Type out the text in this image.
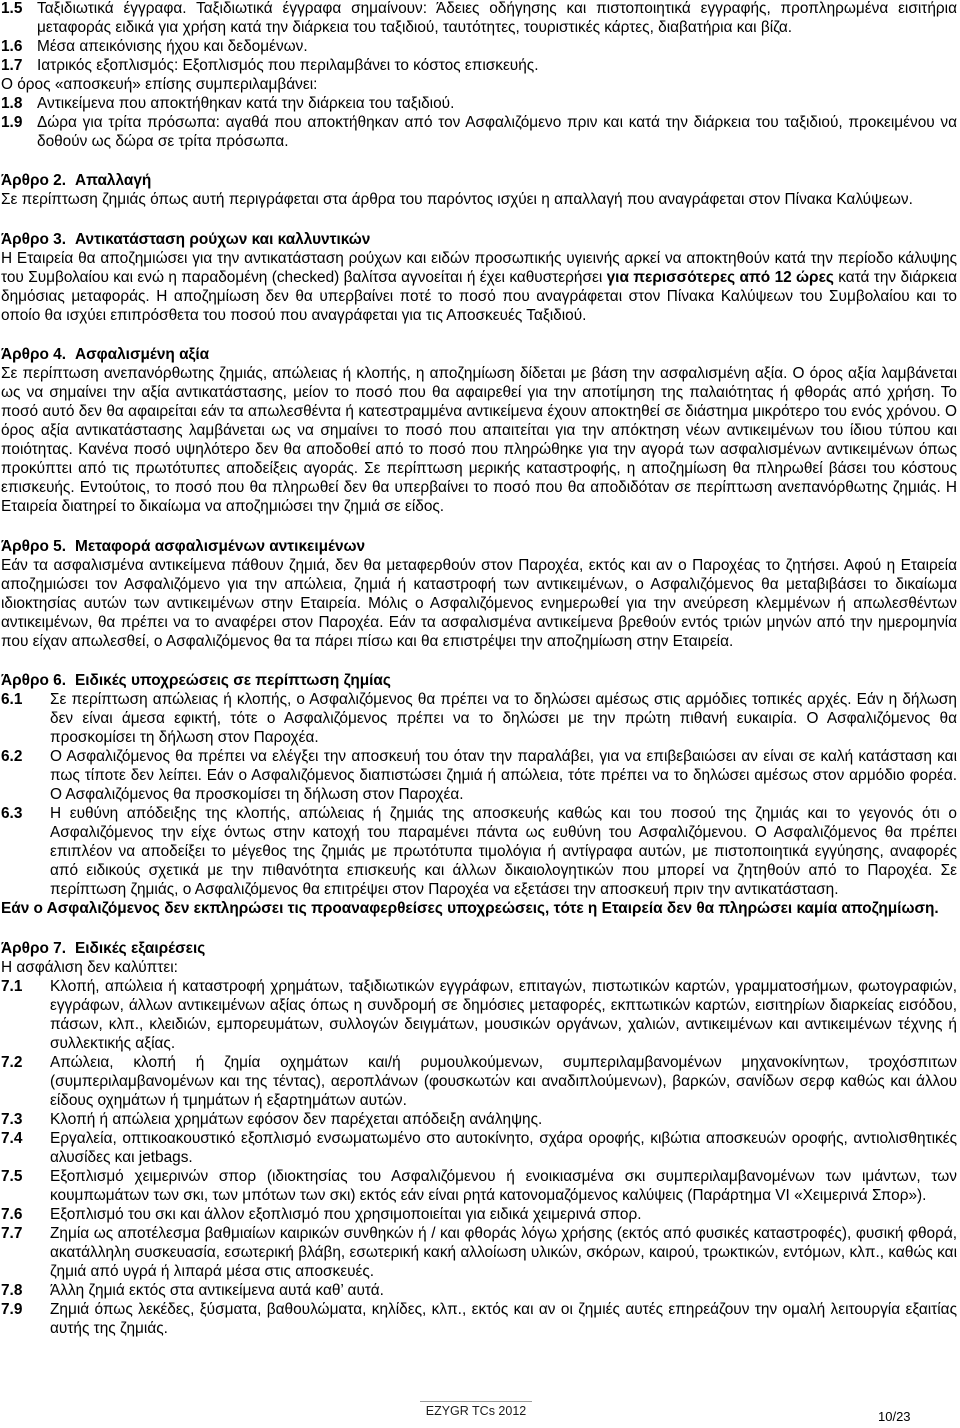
1.5 Ταξιδιωτικά έγγραφα. Ταξιδιωτικά έγγραφα σημαίνουν: Άδειες οδήγησης και πιστοποιητικά εγγραφής, προπληρωμένα εισιτήρια μεταφοράς ειδικά για χρήση κατά την διάρκεια του ταξιδιού, ταυτότητες, τουριστικές κάρτες, διαβατήρια και βίζα.
1.6 Μέσα απεικόνισης ήχου και δεδομένων.
1.7 Ιατρικός εξοπλισμός: Εξοπλισμός που περιλαμβάνει το κόστος επισκευής.
Ο όρος «αποσκευή» επίσης συμπεριλαμβάνει:
1.8 Αντικείμενα που αποκτήθηκαν κατά την διάρκεια του ταξιδιού.
1.9 Δώρα για τρίτα πρόσωπα: αγαθά που αποκτήθηκαν από τον Ασφαλιζόμενο πριν και κατά την διάρκεια του ταξιδιού, προκειμένου να δοθούν ως δώρα σε τρίτα πρόσωπα.
Άρθρο 2. Απαλλαγή
Σε περίπτωση ζημιάς όπως αυτή περιγράφεται στα άρθρα του παρόντος ισχύει η απαλλαγή που αναγράφεται στον Πίνακα Καλύψεων.
Άρθρο 3. Αντικατάσταση ρούχων και καλλυντικών
Η Εταιρεία θα αποζημιώσει για την αντικατάσταση ρούχων και ειδών προσωπικής υγιεινής αρκεί να αποκτηθούν κατά την περίοδο κάλυψης του Συμβολαίου και ενώ η παραδομένη (checked) βαλίτσα αγνοείται ή έχει καθυστερήσει για περισσότερες από 12 ώρες κατά την διάρκεια δημόσιας μεταφοράς. Η αποζημίωση δεν θα υπερβαίνει ποτέ το ποσό που αναγράφεται στον Πίνακα Καλύψεων του Συμβολαίου και το οποίο θα ισχύει επιπρόσθετα του ποσού που αναγράφεται για τις Αποσκευές Ταξιδιού.
Άρθρο 4. Ασφαλισμένη αξία
Σε περίπτωση ανεπανόρθωτης ζημιάς, απώλειας ή κλοπής, η αποζημίωση δίδεται με βάση την ασφαλισμένη αξία. Ο όρος αξία λαμβάνεται ως να σημαίνει την αξία αντικατάστασης, μείον το ποσό που θα αφαιρεθεί για την αποτίμηση της παλαιότητας ή φθοράς από χρήση. Το ποσό αυτό δεν θα αφαιρείται εάν τα απωλεσθέντα ή κατεστραμμένα αντικείμενα έχουν αποκτηθεί σε διάστημα μικρότερο του ενός χρόνου. Ο όρος αξία αντικατάστασης λαμβάνεται ως να σημαίνει το ποσό που απαιτείται για την απόκτηση νέων αντικειμένων του ίδιου τύπου και ποιότητας. Κανένα ποσό υψηλότερο δεν θα αποδοθεί από το ποσό που πληρώθηκε για την αγορά των ασφαλισμένων αντικειμένων όπως προκύπτει από τις πρωτότυπες αποδείξεις αγοράς. Σε περίπτωση μερικής καταστροφής, η αποζημίωση θα πληρωθεί βάσει του κόστους επισκευής. Εντούτοις, το ποσό που θα πληρωθεί δεν θα υπερβαίνει το ποσό που θα αποδιδόταν σε περίπτωση ανεπανόρθωτης ζημιάς. Η Εταιρεία διατηρεί το δικαίωμα να αποζημιώσει την ζημιά σε είδος.
Άρθρο 5. Μεταφορά ασφαλισμένων αντικειμένων
Εάν τα ασφαλισμένα αντικείμενα πάθουν ζημιά, δεν θα μεταφερθούν στον Παροχέα, εκτός και αν ο Παροχέας το ζητήσει. Αφού η Εταιρεία αποζημιώσει τον Ασφαλιζόμενο για την απώλεια, ζημιά ή καταστροφή των αντικειμένων, ο Ασφαλιζόμενος θα μεταβιβάσει το δικαίωμα ιδιοκτησίας αυτών των αντικειμένων στην Εταιρεία. Μόλις ο Ασφαλιζόμενος ενημερωθεί για την ανεύρεση κλεμμένων ή απωλεσθέντων αντικειμένων, θα πρέπει να το αναφέρει στον Παροχέα. Εάν τα ασφαλισμένα αντικείμενα βρεθούν εντός τριών μηνών από την ημερομηνία που είχαν απωλεσθεί, ο Ασφαλιζόμενος θα τα πάρει πίσω και θα επιστρέψει την αποζημίωση στην Εταιρεία.
Άρθρο 6. Ειδικές υποχρεώσεις σε περίπτωση ζημίας
6.1 Σε περίπτωση απώλειας ή κλοπής, ο Ασφαλιζόμενος θα πρέπει να το δηλώσει αμέσως στις αρμόδιες τοπικές αρχές. Εάν η δήλωση δεν είναι άμεσα εφικτή, τότε ο Ασφαλιζόμενος πρέπει να το δηλώσει με την πρώτη πιθανή ευκαιρία. Ο Ασφαλιζόμενος θα προσκομίσει τη δήλωση στον Παροχέα.
6.2 Ο Ασφαλιζόμενος θα πρέπει να ελέγξει την αποσκευή του όταν την παραλάβει, για να επιβεβαιώσει αν είναι σε καλή κατάσταση και πως τίποτε δεν λείπει. Εάν ο Ασφαλιζόμενος διαπιστώσει ζημιά ή απώλεια, τότε πρέπει να το δηλώσει αμέσως στον αρμόδιο φορέα. Ο Ασφαλιζόμενος θα προσκομίσει τη δήλωση στον Παροχέα.
6.3 Η ευθύνη απόδειξης της κλοπής, απώλειας ή ζημιάς της αποσκευής καθώς και του ποσού της ζημιάς και το γεγονός ότι ο Ασφαλιζόμενος την είχε όντως στην κατοχή του παραμένει πάντα ως ευθύνη του Ασφαλιζόμενου. Ο Ασφαλιζόμενος θα πρέπει επιπλέον να αποδείξει το μέγεθος της ζημιάς με πρωτότυπα τιμολόγια ή αντίγραφα αυτών, με πιστοποιητικά εγγύησης, αναφορές από ειδικούς σχετικά με την πιθανότητα επισκευής και άλλων δικαιολογητικών που μπορεί να ζητηθούν από το Παροχέα. Σε περίπτωση ζημιάς, ο Ασφαλιζόμενος θα επιτρέψει στον Παροχέα να εξετάσει την αποσκευή πριν την αντικατάσταση.
Εάν ο Ασφαλιζόμενος δεν εκπληρώσει τις προαναφερθείσες υποχρεώσεις, τότε η Εταιρεία δεν θα πληρώσει καμία αποζημίωση.
Άρθρο 7. Ειδικές εξαιρέσεις
Η ασφάλιση δεν καλύπτει:
7.1 Κλοπή, απώλεια ή καταστροφή χρημάτων, ταξιδιωτικών εγγράφων, επιταγών, πιστωτικών καρτών, γραμματοσήμων, φωτογραφιών, εγγράφων, άλλων αντικειμένων αξίας όπως η συνδρομή σε δημόσιες μεταφορές, εκπτωτικών καρτών, εισιτηρίων διαρκείας εισόδου, πάσων, κλπ., κλειδιών, εμπορευμάτων, συλλογών δειγμάτων, μουσικών οργάνων, χαλιών, αντικειμένων και αντικειμένων τέχνης ή συλλεκτικής αξίας.
7.2 Απώλεια, κλοπή ή ζημία οχημάτων και/ή ρυμουλκούμενων, συμπεριλαμβανομένων μηχανοκίνητων, τροχόσπιτων (συμπεριλαμβανομένων και της τέντας), αεροπλάνων (φουσκωτών και αναδιπλούμενων), βαρκών, σανίδων σερφ καθώς και άλλου είδους οχημάτων ή τμημάτων ή εξαρτημάτων αυτών.
7.3 Κλοπή ή απώλεια χρημάτων εφόσον δεν παρέχεται απόδειξη ανάληψης.
7.4 Εργαλεία, οπτικοακουστικό εξοπλισμό ενσωματωμένο στο αυτοκίνητο, σχάρα οροφής, κιβώτια αποσκευών οροφής, αντιολισθητικές αλυσίδες και jetbags.
7.5 Εξοπλισμό χειμερινών σπορ (ιδιοκτησίας του Ασφαλιζόμενου ή ενοικιασμένα σκι συμπεριλαμβανομένων των ιμάντων, των κουμπωμάτων των σκι, των μπότων των σκι) εκτός εάν είναι ρητά κατονομαζόμενος καλύψεις (Παράρτημα VI «Χειμερινά Σπορ»).
7.6 Εξοπλισμό του σκι και άλλον εξοπλισμό που χρησιμοποιείται για ειδικά χειμερινά σπορ.
7.7 Ζημία ως αποτέλεσμα βαθμιαίων καιρικών συνθηκών ή / και φθοράς λόγω χρήσης (εκτός από φυσικές καταστροφές), φυσική φθορά, ακατάλληλη συσκευασία, εσωτερική βλάβη, εσωτερική κακή αλλοίωση υλικών, σκόρων, καιρού, τρωκτικών, εντόμων, κλπ., καθώς και ζημιά από υγρά ή λιπαρά μέσα στις αποσκευές.
7.8 Άλλη ζημιά εκτός στα αντικείμενα αυτά καθ’ αυτά.
7.9 Ζημιά όπως λεκέδες, ξύσματα, βαθουλώματα, κηλίδες, κλπ., εκτός και αν οι ζημιές αυτές επηρεάζουν την ομαλή λειτουργία εξαιτίας αυτής της ζημιάς.
EZYGR TCs 2012	10/23
